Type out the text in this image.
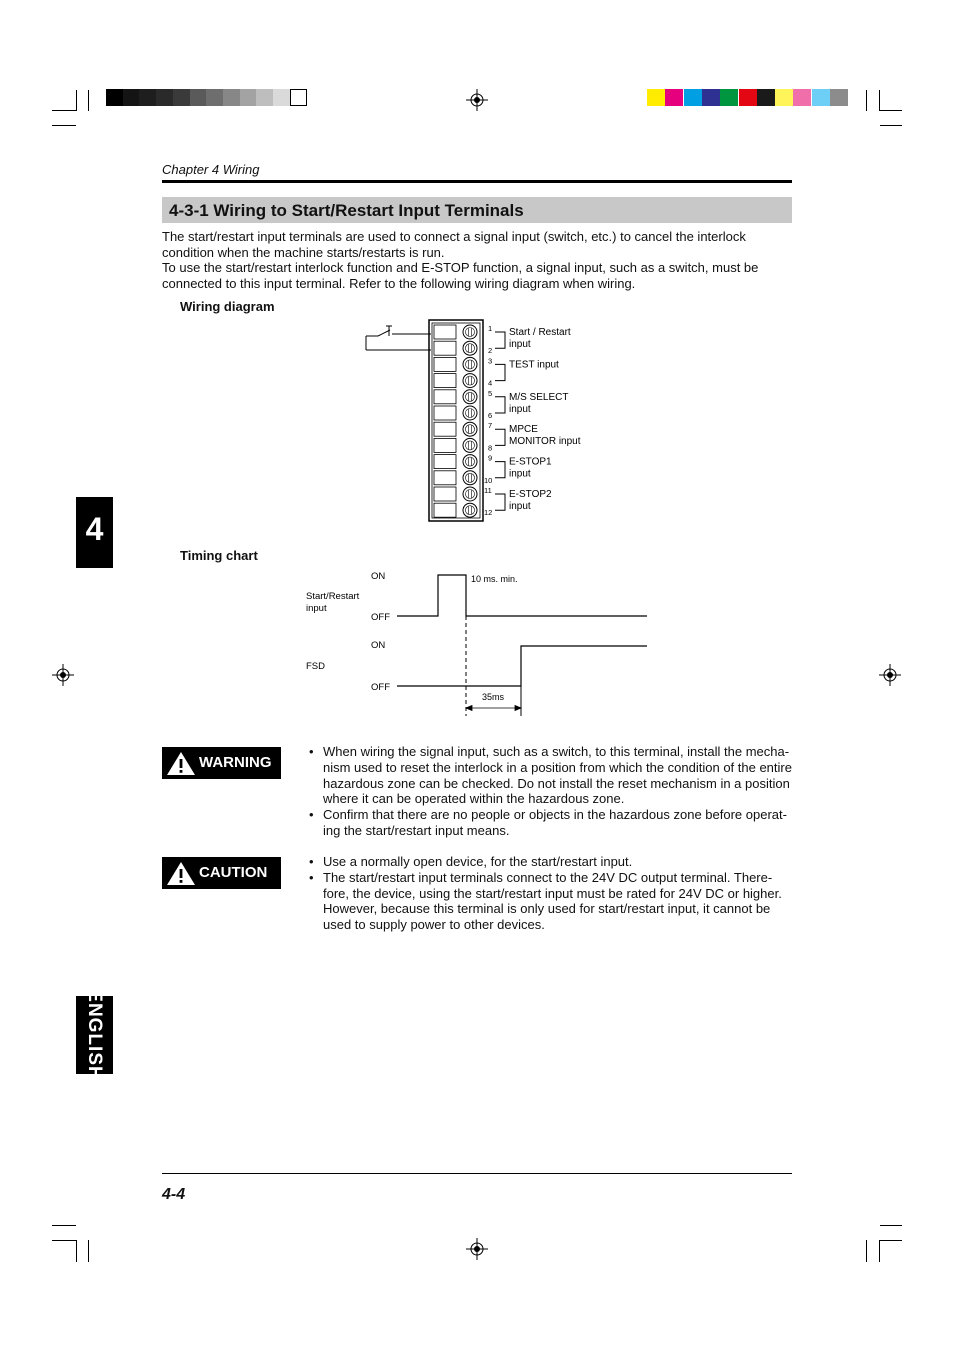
Chapter 4 Wiring
4-3-1 Wiring to Start/Restart Input Terminals
The start/restart input terminals are used to connect a signal input (switch, etc.) to cancel the interlock condition when the machine starts/restarts is run.
To use the start/restart interlock function and E-STOP function, a signal input, such as a switch, must be connected to this input terminal. Refer to the following wiring diagram when wiring.
Wiring diagram
1
2
3
4
5
6
7
8
9
10
11
12
Start / Restart
input
TEST input
M/S SELECT
input
MPCE
MONITOR input
E-STOP1
input
E-STOP2
input
Timing chart
ON
Start/Restart
input
OFF
ON
FSD
OFF
10 ms. min.
35ms
WARNING
• When wiring the signal input, such as a switch, to this terminal, install the mecha-nism used to reset the interlock in a position from which the condition of the entire hazardous zone can be checked. Do not install the reset mechanism in a position where it can be operated within the hazardous zone.
• Confirm that there are no people or objects in the hazardous zone before operat-ing the start/restart input means.
CAUTION
• Use a normally open device, for the start/restart input.
• The start/restart input terminals connect to the 24V DC output terminal. There-fore, the device, using the start/restart input must be rated for 24V DC or higher. However, because this terminal is only used for start/restart input, it cannot be used to supply power to other devices.
4
ENGLISH
4-4
